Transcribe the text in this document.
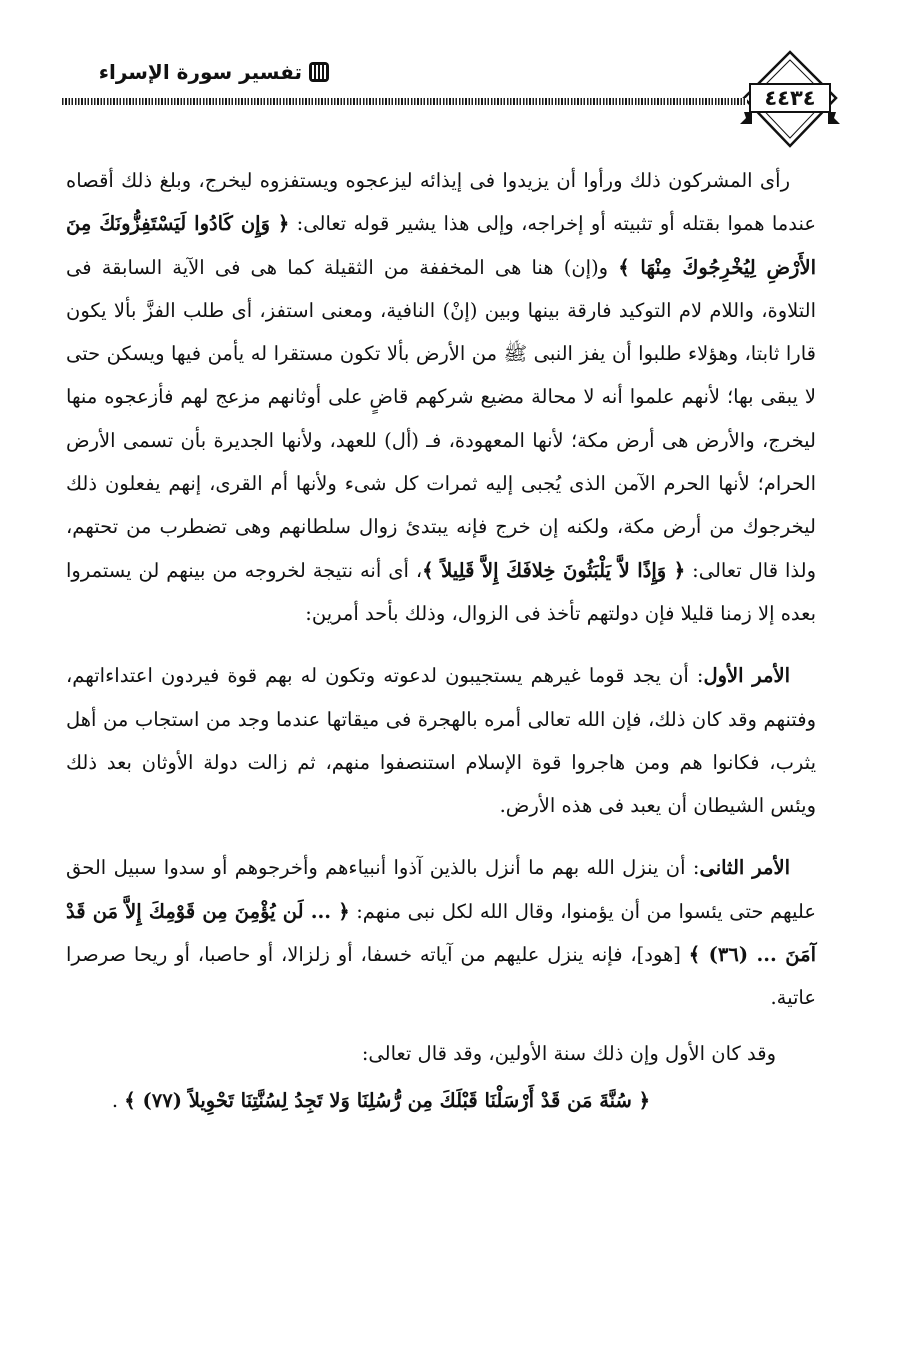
٤٤٣٤
تفسير سورة الإسراء

رأى المشركون ذلك ورأوا أن يزيدوا فى إيذائه ليزعجوه ويستفزوه ليخرج، وبلغ ذلك أقصاه عندما هموا بقتله أو تثبيته أو إخراجه، وإلى هذا يشير قوله تعالى: ﴿ وَإِن كَادُوا لَيَسْتَفِزُّونَكَ مِنَ الأَرْضِ لِيُخْرِجُوكَ مِنْهَا ﴾ و(إن) هنا هى المخففة من الثقيلة كما هى فى الآية السابقة فى التلاوة، واللام لام التوكيد فارقة بينها وبين (إنْ) النافية، ومعنى استفز، أى طلب الفزَّ بألا يكون قارا ثابتا، وهؤلاء طلبوا أن يفز النبى ﷺ من الأرض بألا تكون مستقرا له يأمن فيها ويسكن حتى لا يبقى بها؛ لأنهم علموا أنه لا محالة مضيع شركهم قاضٍ على أوثانهم مزعج لهم فأزعجوه منها ليخرج، والأرض هى أرض مكة؛ لأنها المعهودة، فـ (أل) للعهد، ولأنها الجديرة بأن تسمى الأرض الحرام؛ لأنها الحرم الآمن الذى يُجبى إليه ثمرات كل شىء ولأنها أم القرى، إنهم يفعلون ذلك ليخرجوك من أرض مكة، ولكنه إن خرج فإنه يبتدئ زوال سلطانهم وهى تضطرب من تحتهم، ولذا قال تعالى: ﴿ وَإِذًا لاَّ يَلْبَثُونَ خِلافَكَ إِلاَّ قَلِيلاً ﴾، أى أنه نتيجة لخروجه من بينهم لن يستمروا بعده إلا زمنا قليلا فإن دولتهم تأخذ فى الزوال، وذلك بأحد أمرين:

الأمر الأول: أن يجد قوما غيرهم يستجيبون لدعوته وتكون له بهم قوة فيردون اعتداءاتهم، وفتنهم وقد كان ذلك، فإن الله تعالى أمره بالهجرة فى ميقاتها عندما وجد من استجاب من أهل يثرب، فكانوا هم ومن هاجروا قوة الإسلام استنصفوا منهم، ثم زالت دولة الأوثان بعد ذلك ويئس الشيطان أن يعبد فى هذه الأرض.

الأمر الثانى: أن ينزل الله بهم ما أنزل بالذين آذوا أنبياءهم وأخرجوهم أو سدوا سبيل الحق عليهم حتى يئسوا من أن يؤمنوا، وقال الله لكل نبى منهم: ﴿ ... لَن يُؤْمِنَ مِن قَوْمِكَ إِلاَّ مَن قَدْ آمَنَ ... (٣٦) ﴾ [هود]، فإنه ينزل عليهم من آياته خسفا، أو زلزالا، أو حاصبا، أو ريحا صرصرا عاتية.

وقد كان الأول وإن ذلك سنة الأولين، وقد قال تعالى:

﴿ سُنَّةَ مَن قَدْ أَرْسَلْنَا قَبْلَكَ مِن رُّسُلِنَا وَلا تَجِدُ لِسُنَّتِنَا تَحْوِيلاً (٧٧) ﴾ .
